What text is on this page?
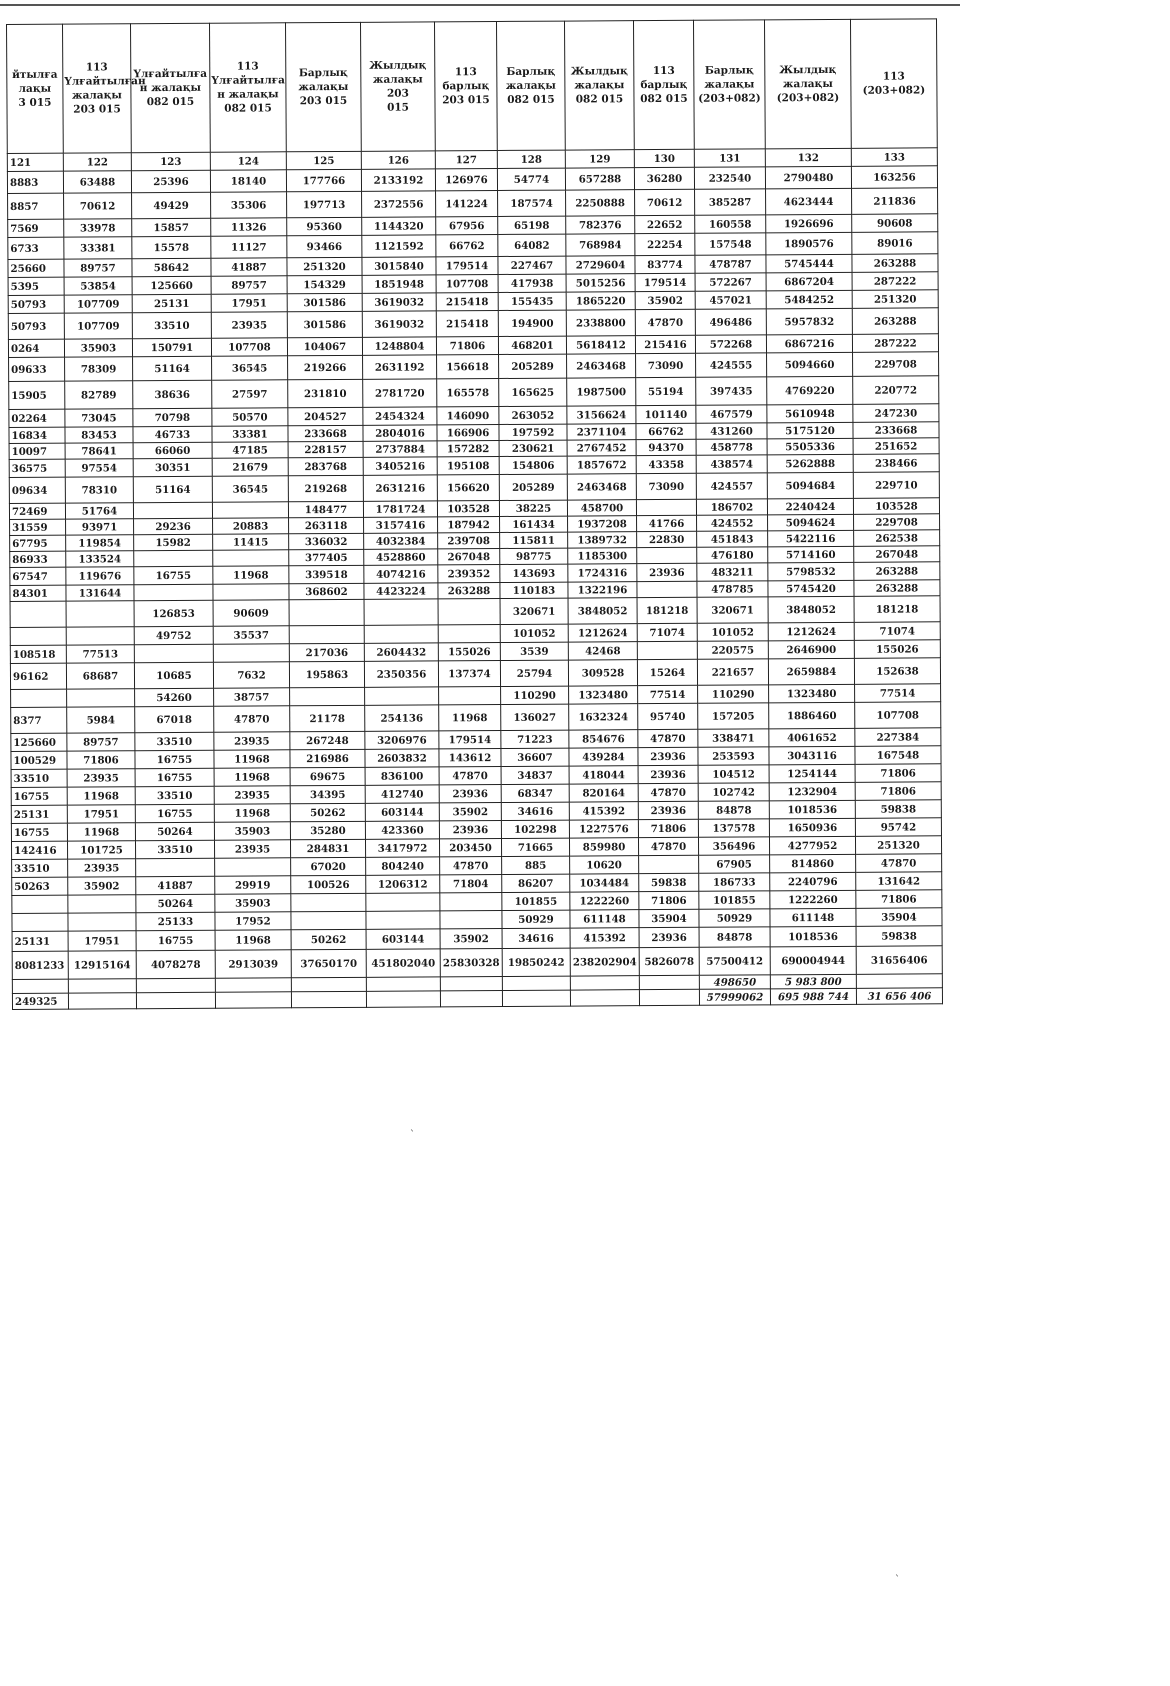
йтылға
лақы
3 015	113
Үлғайтылған
жалақы
203 015	Үлғайтылға
н жалақы
082 015	113
Үлғайтылға
н жалақы
082 015	Барлық
жалақы
203 015	Жылдық
жалақы 203
015	113
барлық
203 015	Барлық
жалақы
082 015	Жылдық
жалақы
082 015	113
барлық
082 015	Барлық
жалақы
(203+082)	Жылдық
жалақы
(203+082)	113
(203+082)
121	122	123	124	125	126	127	128	129	130	131	132	133
8883	63488	25396	18140	177766	2133192	126976	54774	657288	36280	232540	2790480	163256
8857	70612	49429	35306	197713	2372556	141224	187574	2250888	70612	385287	4623444	211836
7569	33978	15857	11326	95360	1144320	67956	65198	782376	22652	160558	1926696	90608
6733	33381	15578	11127	93466	1121592	66762	64082	768984	22254	157548	1890576	89016
25660	89757	58642	41887	251320	3015840	179514	227467	2729604	83774	478787	5745444	263288
5395	53854	125660	89757	154329	1851948	107708	417938	5015256	179514	572267	6867204	287222
50793	107709	25131	17951	301586	3619032	215418	155435	1865220	35902	457021	5484252	251320
50793	107709	33510	23935	301586	3619032	215418	194900	2338800	47870	496486	5957832	263288
0264	35903	150791	107708	104067	1248804	71806	468201	5618412	215416	572268	6867216	287222
09633	78309	51164	36545	219266	2631192	156618	205289	2463468	73090	424555	5094660	229708
15905	82789	38636	27597	231810	2781720	165578	165625	1987500	55194	397435	4769220	220772
02264	73045	70798	50570	204527	2454324	146090	263052	3156624	101140	467579	5610948	247230
16834	83453	46733	33381	233668	2804016	166906	197592	2371104	66762	431260	5175120	233668
10097	78641	66060	47185	228157	2737884	157282	230621	2767452	94370	458778	5505336	251652
36575	97554	30351	21679	283768	3405216	195108	154806	1857672	43358	438574	5262888	238466
09634	78310	51164	36545	219268	2631216	156620	205289	2463468	73090	424557	5094684	229710
72469	51764			148477	1781724	103528	38225	458700		186702	2240424	103528
31559	93971	29236	20883	263118	3157416	187942	161434	1937208	41766	424552	5094624	229708
67795	119854	15982	11415	336032	4032384	239708	115811	1389732	22830	451843	5422116	262538
86933	133524			377405	4528860	267048	98775	1185300		476180	5714160	267048
67547	119676	16755	11968	339518	4074216	239352	143693	1724316	23936	483211	5798532	263288
84301	131644			368602	4423224	263288	110183	1322196		478785	5745420	263288
		126853	90609				320671	3848052	181218	320671	3848052	181218
		49752	35537				101052	1212624	71074	101052	1212624	71074
108518	77513			217036	2604432	155026	3539	42468		220575	2646900	155026
96162	68687	10685	7632	195863	2350356	137374	25794	309528	15264	221657	2659884	152638
		54260	38757				110290	1323480	77514	110290	1323480	77514
8377	5984	67018	47870	21178	254136	11968	136027	1632324	95740	157205	1886460	107708
125660	89757	33510	23935	267248	3206976	179514	71223	854676	47870	338471	4061652	227384
100529	71806	16755	11968	216986	2603832	143612	36607	439284	23936	253593	3043116	167548
33510	23935	16755	11968	69675	836100	47870	34837	418044	23936	104512	1254144	71806
16755	11968	33510	23935	34395	412740	23936	68347	820164	47870	102742	1232904	71806
25131	17951	16755	11968	50262	603144	35902	34616	415392	23936	84878	1018536	59838
16755	11968	50264	35903	35280	423360	23936	102298	1227576	71806	137578	1650936	95742
142416	101725	33510	23935	284831	3417972	203450	71665	859980	47870	356496	4277952	251320
33510	23935			67020	804240	47870	885	10620		67905	814860	47870
50263	35902	41887	29919	100526	1206312	71804	86207	1034484	59838	186733	2240796	131642
		50264	35903				101855	1222260	71806	101855	1222260	71806
		25133	17952				50929	611148	35904	50929	611148	35904
25131	17951	16755	11968	50262	603144	35902	34616	415392	23936	84878	1018536	59838
8081233	12915164	4078278	2913039	37650170	451802040	25830328	19850242	238202904	5826078	57500412	690004944	31656406
										498650	5 983 800	
249325										57999062	695 988 744	31 656 406
ˋ
ˋ
